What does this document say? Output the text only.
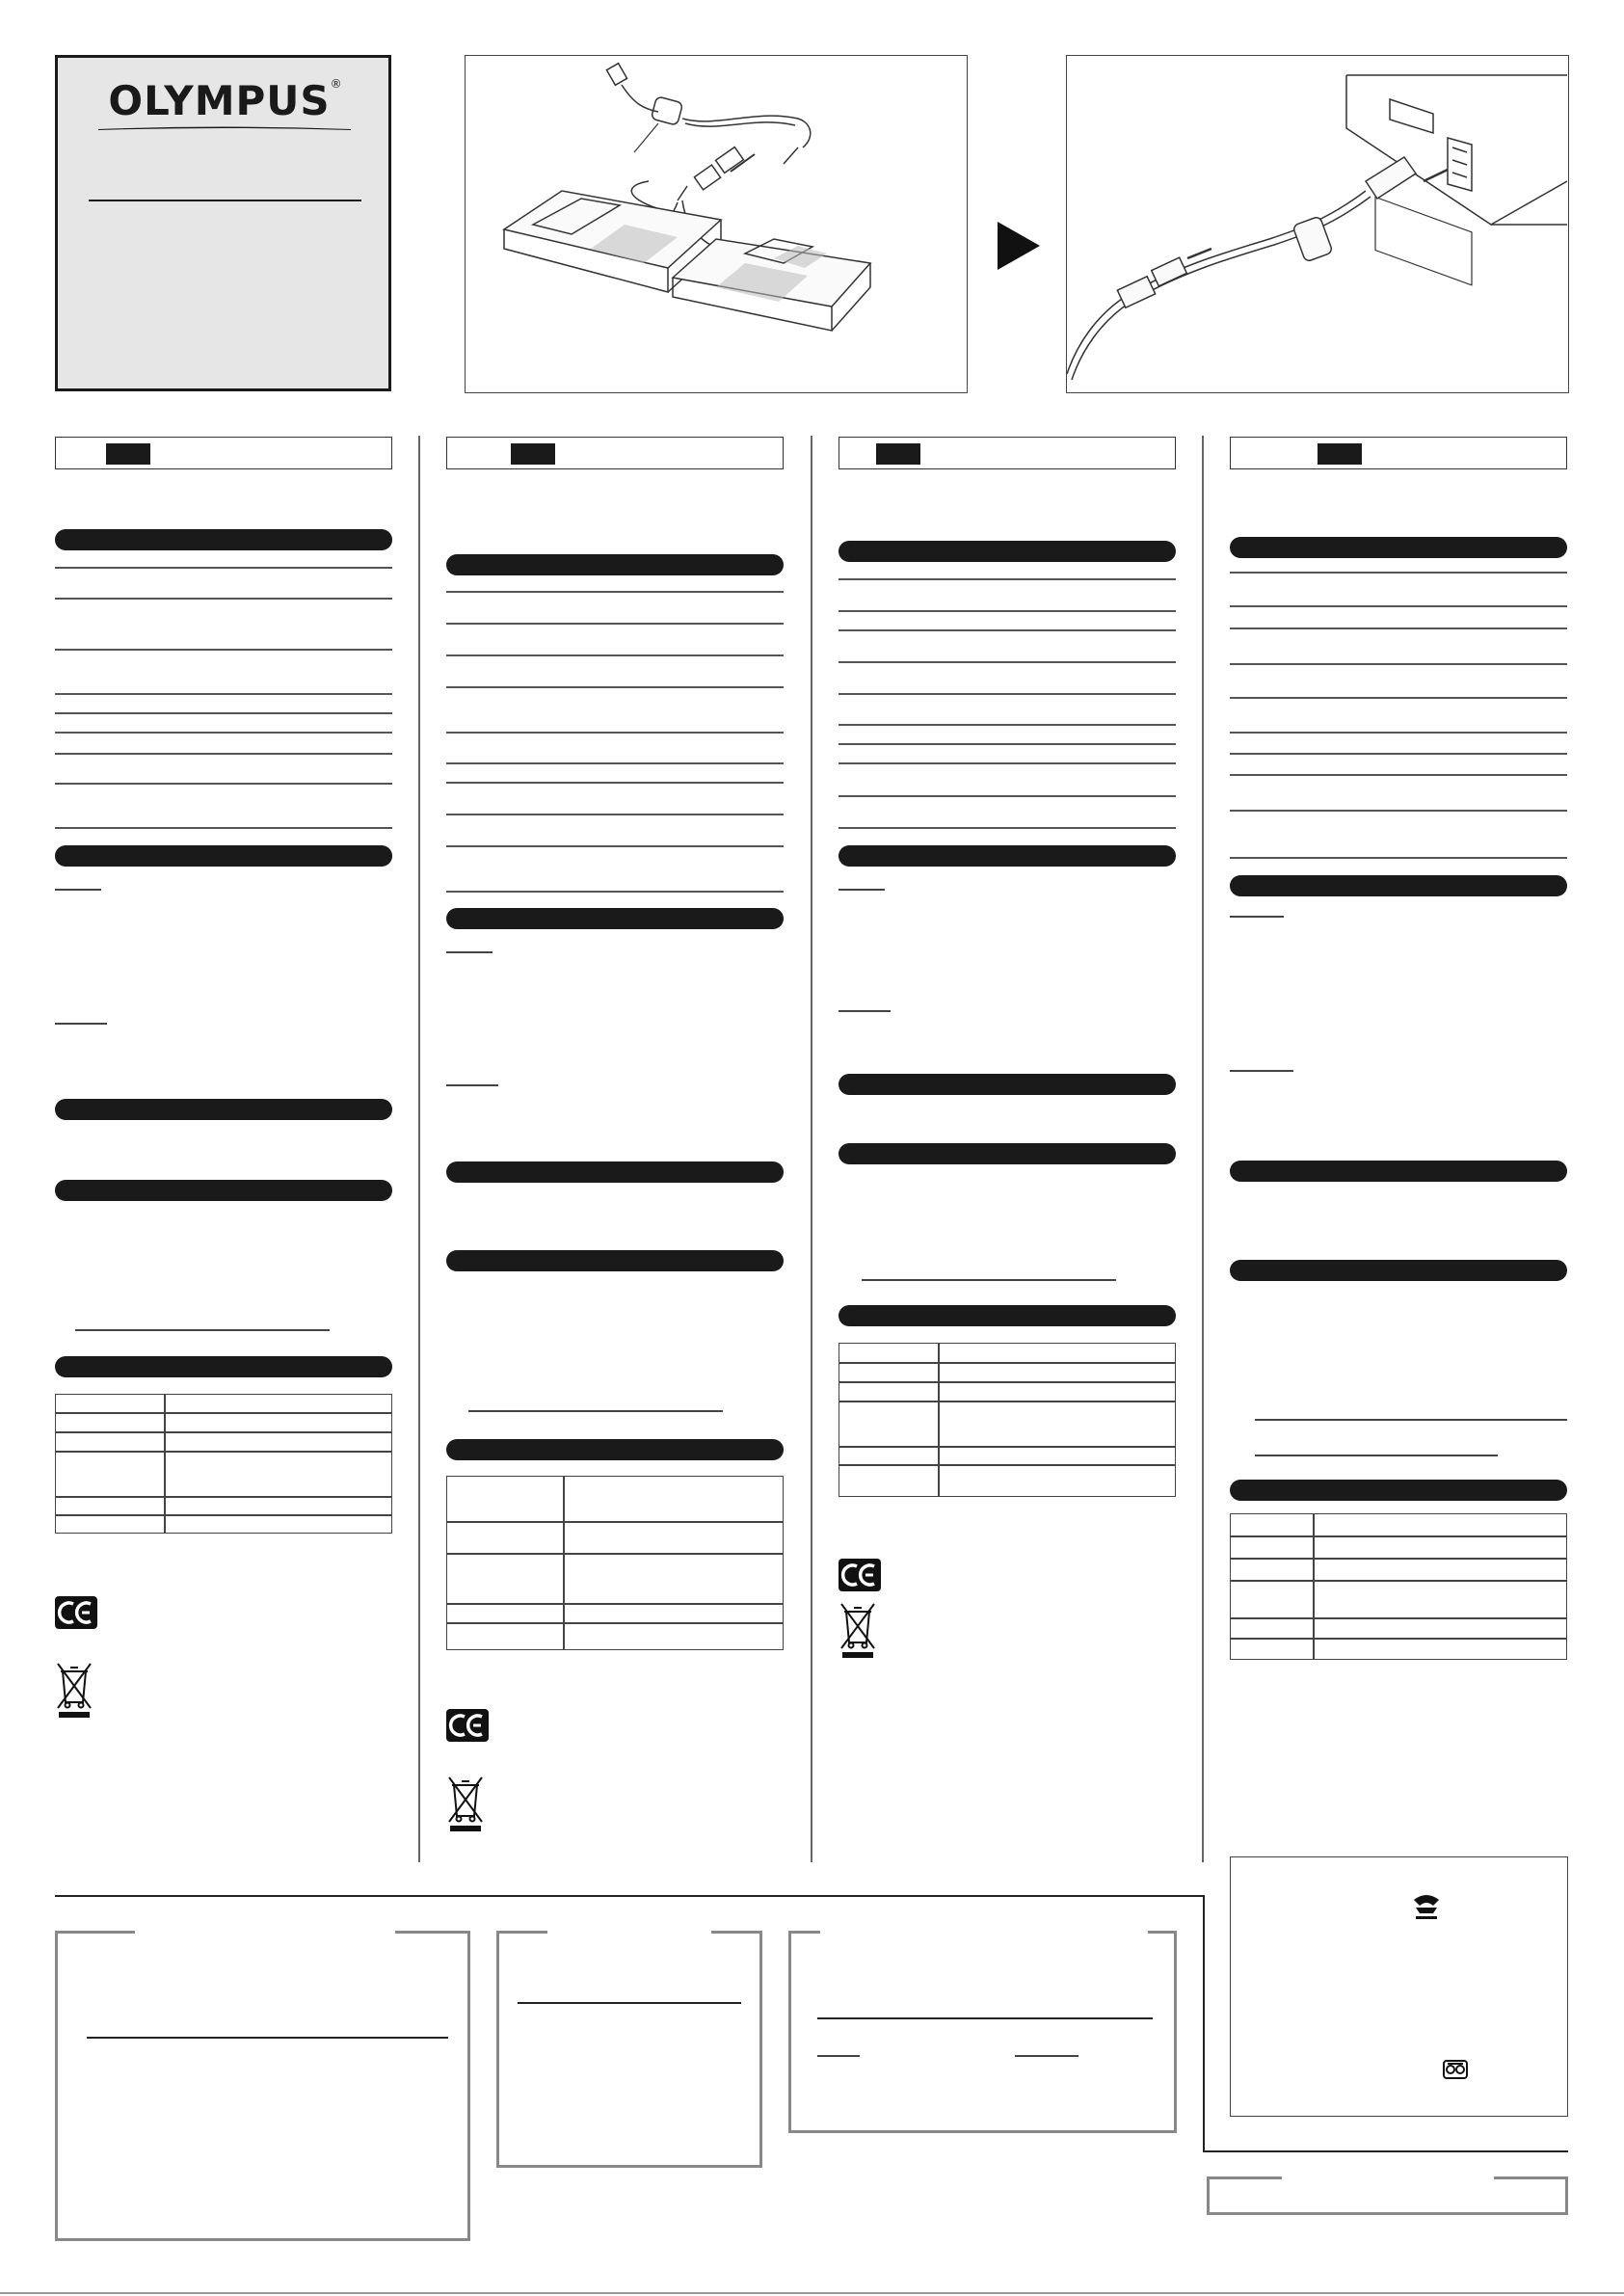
OLYMPUS®
